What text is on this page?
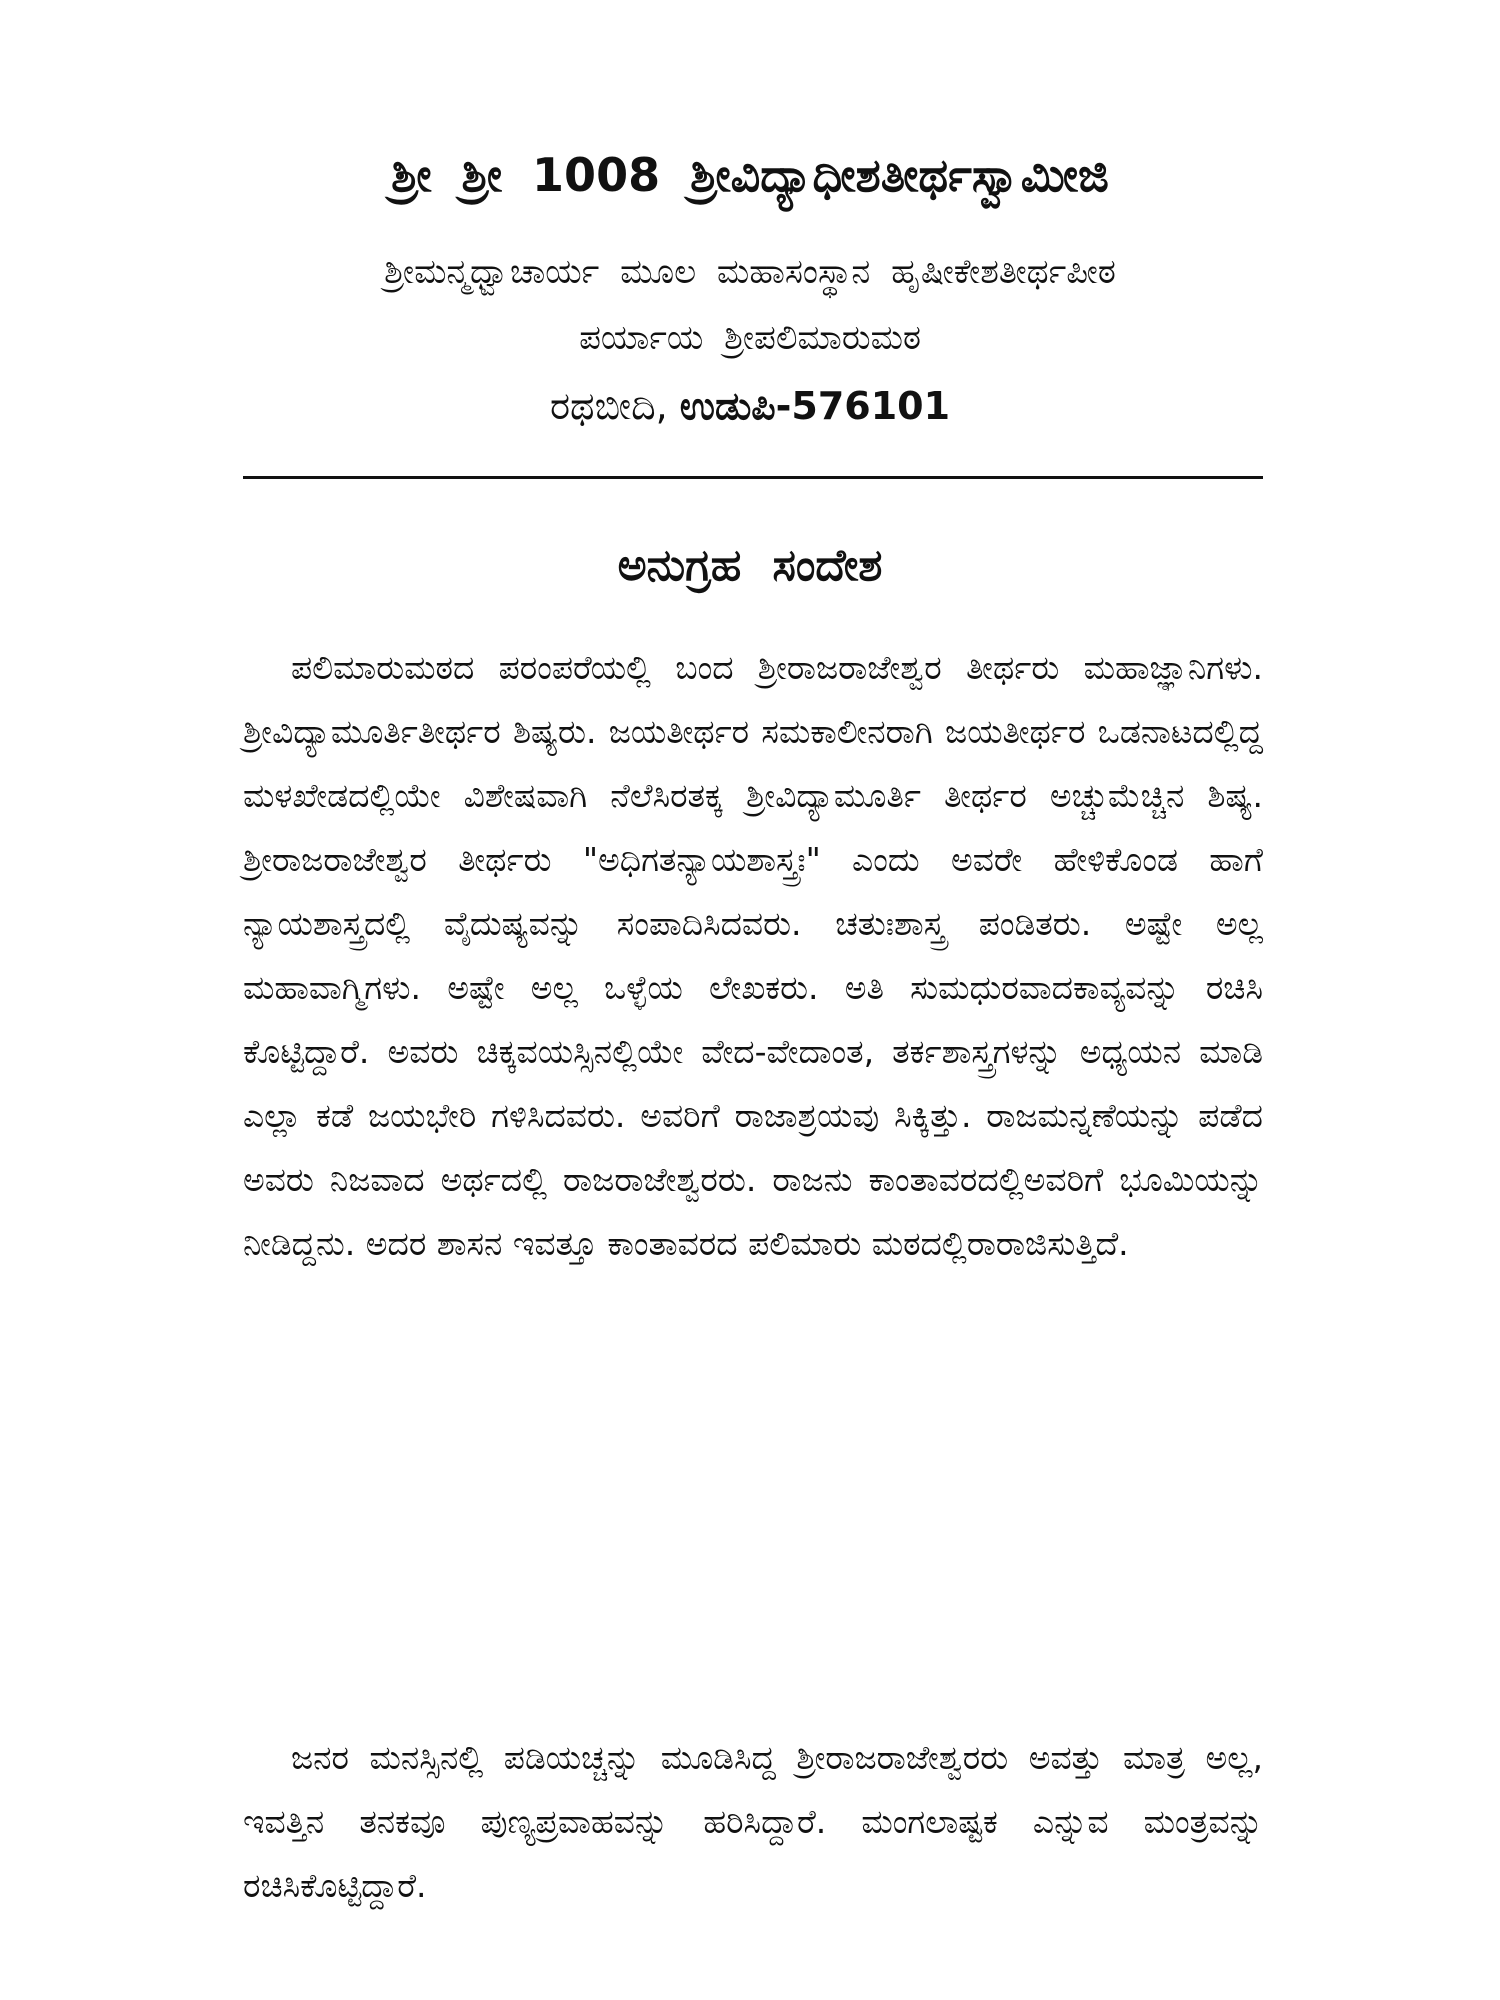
ಶ್ರೀ ಶ್ರೀ 1008 ಶ್ರೀವಿದ್ಯಾಧೀಶತೀರ್ಥಸ್ವಾಮೀಜಿ
ಶ್ರೀಮನ್ಮಧ್ವಾಚಾರ್ಯ ಮೂಲ ಮಹಾಸಂಸ್ಥಾನ ಹೃಷೀಕೇಶತೀರ್ಥಪೀಠ
ಪರ್ಯಾಯ ಶ್ರೀಪಲಿಮಾರುಮಠ
ರಥಬೀದಿ, ಉಡುಪಿ-576101
ಅನುಗ್ರಹ ಸಂದೇಶ

ಪಲಿಮಾರುಮಠದ ಪರಂಪರೆಯಲ್ಲಿ ಬಂದ ಶ್ರೀರಾಜರಾಜೇಶ್ವರ ತೀರ್ಥರು ಮಹಾಜ್ಞಾನಿಗಳು. ಶ್ರೀವಿದ್ಯಾಮೂರ್ತಿತೀರ್ಥರ ಶಿಷ್ಯರು. ಜಯತೀರ್ಥರ ಸಮಕಾಲೀನರಾಗಿ ಜಯತೀರ್ಥರ ಒಡನಾಟದಲ್ಲಿದ್ದ ಮಳಖೇಡದಲ್ಲಿಯೇ ವಿಶೇಷವಾಗಿ ನೆಲೆಸಿರತಕ್ಕ ಶ್ರೀವಿದ್ಯಾಮೂರ್ತಿ ತೀರ್ಥರ ಅಚ್ಚುಮೆಚ್ಚಿನ ಶಿಷ್ಯ. ಶ್ರೀರಾಜರಾಜೇಶ್ವರ ತೀರ್ಥರು "ಅಧಿಗತನ್ಯಾಯಶಾಸ್ತ್ರಃ" ಎಂದು ಅವರೇ ಹೇಳಿಕೊಂಡ ಹಾಗೆ ನ್ಯಾಯಶಾಸ್ತ್ರದಲ್ಲಿ ವೈದುಷ್ಯವನ್ನು ಸಂಪಾದಿಸಿದವರು. ಚತುಃಶಾಸ್ತ್ರ ಪಂಡಿತರು. ಅಷ್ಟೇ ಅಲ್ಲ ಮಹಾವಾಗ್ಮಿಗಳು. ಅಷ್ಟೇ ಅಲ್ಲ ಒಳ್ಳೆಯ ಲೇಖಕರು. ಅತಿ ಸುಮಧುರವಾದಕಾವ್ಯವನ್ನು ರಚಿಸಿ ಕೊಟ್ಟಿದ್ದಾರೆ. ಅವರು ಚಿಕ್ಕವಯಸ್ಸಿನಲ್ಲಿಯೇ ವೇದ-ವೇದಾಂತ, ತರ್ಕಶಾಸ್ತ್ರಗಳನ್ನು ಅಧ್ಯಯನ ಮಾಡಿ ಎಲ್ಲಾ ಕಡೆ ಜಯಭೇರಿ ಗಳಿಸಿದವರು. ಅವರಿಗೆ ರಾಜಾಶ್ರಯವು ಸಿಕ್ಕಿತ್ತು. ರಾಜಮನ್ನಣೆಯನ್ನು ಪಡೆದ ಅವರು ನಿಜವಾದ ಅರ್ಥದಲ್ಲಿ ರಾಜರಾಜೇಶ್ವರರು. ರಾಜನು ಕಾಂತಾವರದಲ್ಲಿಅವರಿಗೆ ಭೂಮಿಯನ್ನು ನೀಡಿದ್ದನು. ಅದರ ಶಾಸನ ಇವತ್ತೂ ಕಾಂತಾವರದ ಪಲಿಮಾರು ಮಠದಲ್ಲಿರಾರಾಜಿಸುತ್ತಿದೆ.

ಜನರ ಮನಸ್ಸಿನಲ್ಲಿ ಪಡಿಯಚ್ಚನ್ನು ಮೂಡಿಸಿದ್ದ ಶ್ರೀರಾಜರಾಜೇಶ್ವರರು ಅವತ್ತು ಮಾತ್ರ ಅಲ್ಲ, ಇವತ್ತಿನ ತನಕವೂ ಪುಣ್ಯಪ್ರವಾಹವನ್ನು ಹರಿಸಿದ್ದಾರೆ. ಮಂಗಲಾಷ್ಟಕ ಎನ್ನುವ ಮಂತ್ರವನ್ನು ರಚಿಸಿಕೊಟ್ಟಿದ್ದಾರೆ.
